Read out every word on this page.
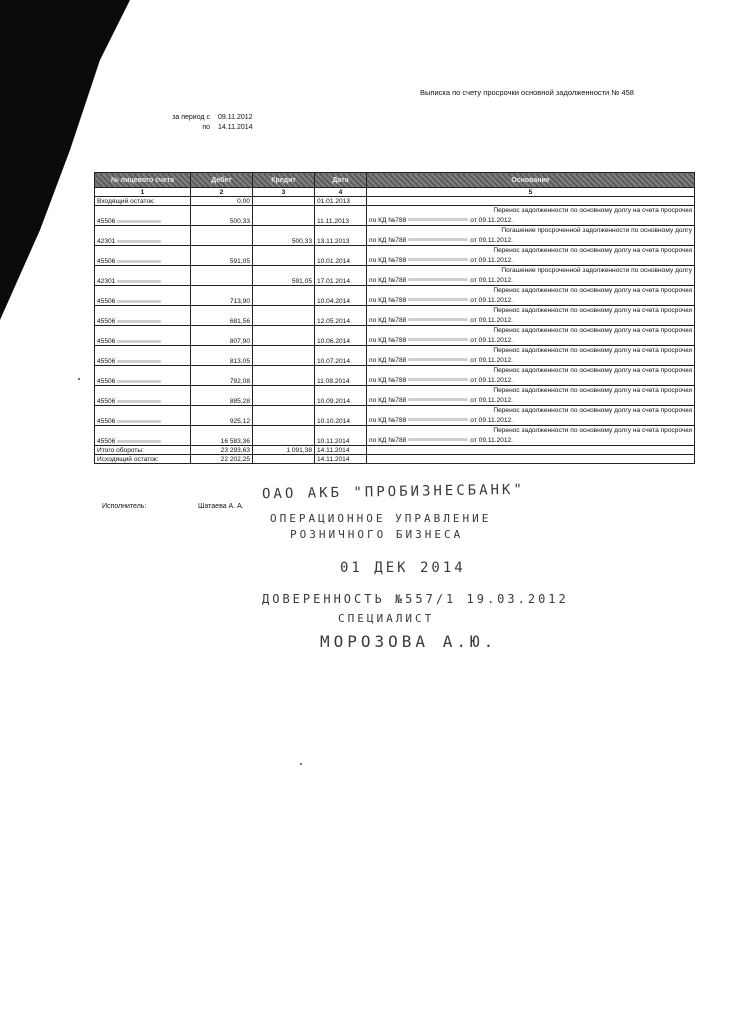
Выписка по счету просрочки основной задолженности № 458
за период с 09.11.2012
по 14.11.2014
№ лицевого счета	Дебет	Кредит	Дата	Основание
1	2	3	4	5
Входящий остаток:	0,00		01.01.2013	
45506	500,33		11.11.2013	Перенос задолженности по основному долгу на счета просрочки
по КД №788 от 09.11.2012.

42301		500,33	13.11.2013	Погашение просроченной задолженности по основному долгу
по КД №788 от 09.11.2012.

45506	591,05		10.01.2014	Перенос задолженности по основному долгу на счета просрочки
по КД №788 от 09.11.2012.

42301		591,05	17.01.2014	Погашение просроченной задолженности по основному долгу
по КД №788 от 09.11.2012.

45506	713,90		10.04.2014	Перенос задолженности по основному долгу на счета просрочки
по КД №788 от 09.11.2012.

45506	681,56		12.05.2014	Перенос задолженности по основному долгу на счета просрочки
по КД №788 от 09.11.2012.

45506	807,90		10.06.2014	Перенос задолженности по основному долгу на счета просрочки
по КД №788 от 09.11.2012.

45506	813,05		10.07.2014	Перенос задолженности по основному долгу на счета просрочки
по КД №788 от 09.11.2012.

45506	792,08		11.08.2014	Перенос задолженности по основному долгу на счета просрочки
по КД №788 от 09.11.2012.

45506	885,28		10.09.2014	Перенос задолженности по основному долгу на счета просрочки
по КД №788 от 09.11.2012.

45506	925,12		10.10.2014	Перенос задолженности по основному долгу на счета просрочки
по КД №788 от 09.11.2012.

45506	16 583,36		10.11.2014	Перенос задолженности по основному долгу на счета просрочки
по КД №788 от 09.11.2012.

Итого обороты:	23 293,63	1 091,38	14.11.2014	
Исходящий остаток:	22 202,25		14.11.2014	
Исполнитель:	Шатаева А. А.
ОАО АКБ "ПРОБИЗНЕСБАНК"
ОПЕРАЦИОННОЕ УПРАВЛЕНИЕ
РОЗНИЧНОГО БИЗНЕСА
01 ДЕК 2014
ДОВЕРЕННОСТЬ №557/1 19.03.2012
СПЕЦИАЛИСТ
МОРОЗОВА А.Ю.
